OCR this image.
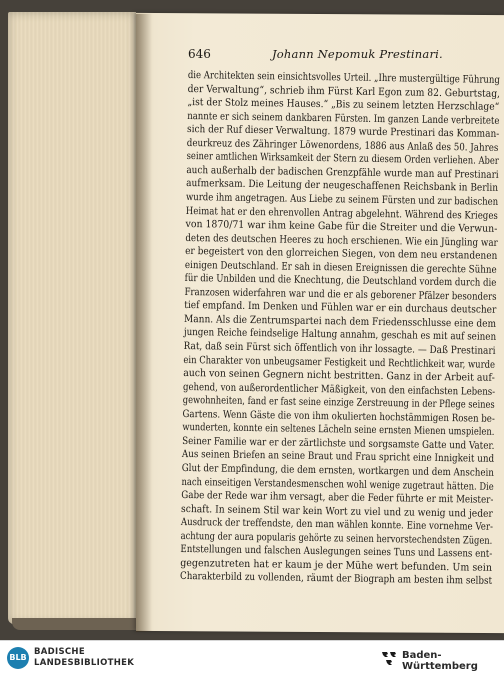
646	Johann Nepomuk Prestinari.
die Architekten sein einsichtsvolles Urteil. „Ihre mustergültige Führung
der Verwaltung“, schrieb ihm Fürst Karl Egon zum 82. Geburtstag,
„ist der Stolz meines Hauses.“ „Bis zu seinem letzten Herzschlage“
nannte er sich seinem dankbaren Fürsten. Im ganzen Lande verbreitete
sich der Ruf dieser Verwaltung. 1879 wurde Prestinari das Komman-
deurkreuz des Zähringer Löwenordens, 1886 aus Anlaß des 50. Jahres
seiner amtlichen Wirksamkeit der Stern zu diesem Orden verliehen. Aber
auch außerhalb der badischen Grenzpfähle wurde man auf Prestinari
aufmerksam. Die Leitung der neugeschaffenen Reichsbank in Berlin
wurde ihm angetragen. Aus Liebe zu seinem Fürsten und zur badischen
Heimat hat er den ehrenvollen Antrag abgelehnt. Während des Krieges
von 1870/71 war ihm keine Gabe für die Streiter und die Verwun-
deten des deutschen Heeres zu hoch erschienen. Wie ein Jüngling war
er begeistert von den glorreichen Siegen, von dem neu erstandenen
einigen Deutschland. Er sah in diesen Ereignissen die gerechte Sühne
für die Unbilden und die Knechtung, die Deutschland vordem durch die
Franzosen widerfahren war und die er als geborener Pfälzer besonders
tief empfand. Im Denken und Fühlen war er ein durchaus deutscher
Mann. Als die Zentrumspartei nach dem Friedensschlusse eine dem
jungen Reiche feindselige Haltung annahm, geschah es mit auf seinen
Rat, daß sein Fürst sich öffentlich von ihr lossagte. — Daß Prestinari
ein Charakter von unbeugsamer Festigkeit und Rechtlichkeit war, wurde
auch von seinen Gegnern nicht bestritten. Ganz in der Arbeit auf-
gehend, von außerordentlicher Mäßigkeit, von den einfachsten Lebens-
gewohnheiten, fand er fast seine einzige Zerstreuung in der Pflege seines
Gartens. Wenn Gäste die von ihm okulierten hochstämmigen Rosen be-
wunderten, konnte ein seltenes Lächeln seine ernsten Mienen umspielen.
Seiner Familie war er der zärtlichste und sorgsamste Gatte und Vater.
Aus seinen Briefen an seine Braut und Frau spricht eine Innigkeit und
Glut der Empfindung, die dem ernsten, wortkargen und dem Anschein
nach einseitigen Verstandesmenschen wohl wenige zugetraut hätten. Die
Gabe der Rede war ihm versagt, aber die Feder führte er mit Meister-
schaft. In seinem Stil war kein Wort zu viel und zu wenig und jeder
Ausdruck der treffendste, den man wählen konnte. Eine vornehme Ver-
achtung der aura popularis gehörte zu seinen hervorstechendsten Zügen.
Entstellungen und falschen Auslegungen seines Tuns und Lassens ent-
gegenzutreten hat er kaum je der Mühe wert befunden. Um sein
Charakterbild zu vollenden, räumt der Biograph am besten ihm selbst
BLB
BADISCHE
LANDESBIBLIOTHEK
Baden-Württemberg
